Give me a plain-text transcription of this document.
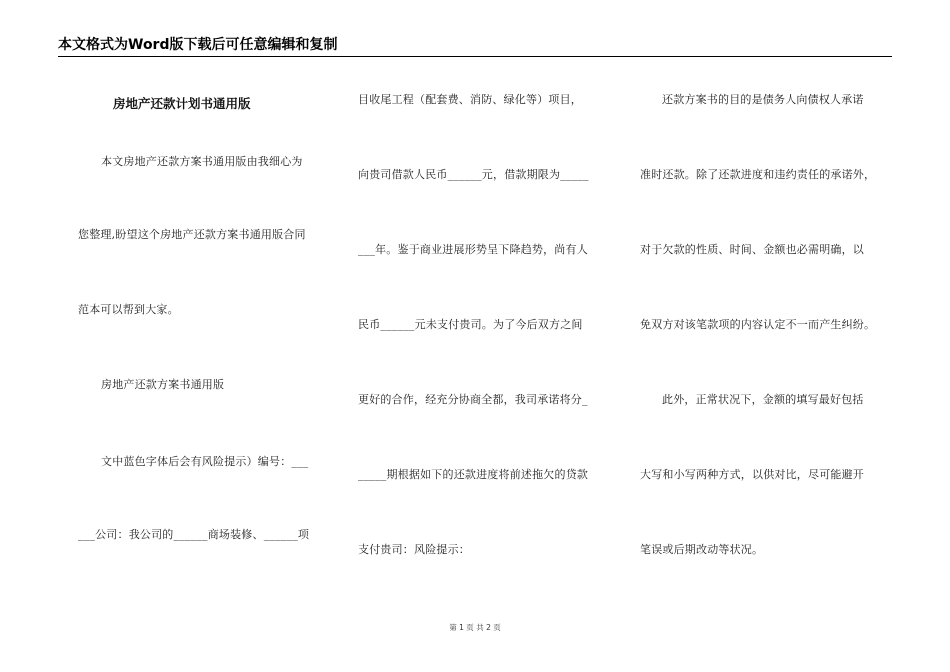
本文格式为Word版下载后可任意编辑和复制
房地产还款计划书通用版
本文房地产还款方案书通用版由我细心为
您整理,盼望这个房地产还款方案书通用版合同
范本可以帮到大家。
房地产还款方案书通用版
文中蓝色字体后会有风险提示）编号：___
___公司：我公司的______商场装修、______项
目收尾工程（配套费、消防、绿化等）项目，
向贵司借款人民币______元，借款期限为_____
___年。鉴于商业进展形势呈下降趋势，尚有人
民币______元未支付贵司。为了今后双方之间
更好的合作，经充分协商全都，我司承诺将分_
_____期根据如下的还款进度将前述拖欠的贷款
支付贵司：风险提示：
还款方案书的目的是债务人向债权人承诺
准时还款。除了还款进度和违约责任的承诺外，
对于欠款的性质、时间、金额也必需明确，以
免双方对该笔款项的内容认定不一而产生纠纷。
此外，正常状况下，金额的填写最好包括
大写和小写两种方式，以供对比，尽可能避开
笔误或后期改动等状况。
第 1 页 共 2 页
